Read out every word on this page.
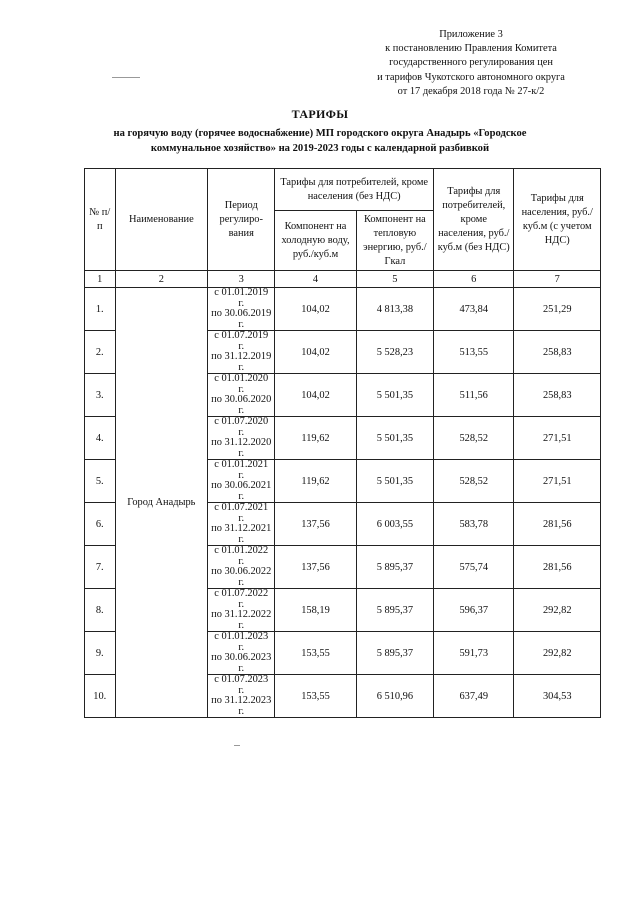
Приложение 3
к постановлению Правления Комитета
государственного регулирования цен
и тарифов Чукотского автономного округа
от 17 декабря 2018 года № 27-к/2
ТАРИФЫ
на горячую воду (горячее водоснабжение) МП городского округа Анадырь «Городское
коммунальное хозяйство» на 2019-2023 годы с календарной разбивкой
№ п/п	Наименование	Период регулиро-вания	Тарифы для потребителей, кроме населения (без НДС)		Тарифы для потребителей, кроме населения, руб./куб.м (без НДС)	Тарифы для населения, руб./куб.м (с учетом НДС)
			Компонент на холодную воду, руб./куб.м	Компонент на тепловую энергию, руб./Гкал		
1	2	3	4	5	6	7
1.	Город Анадырь	с 01.01.2019 г.
по 30.06.2019 г.	104,02	4 813,38	473,84	251,29
2.		с 01.07.2019 г.
по 31.12.2019 г.	104,02	5 528,23	513,55	258,83
3.		с 01.01.2020 г.
по 30.06.2020 г.	104,02	5 501,35	511,56	258,83
4.		с 01.07.2020 г.
по 31.12.2020 г.	119,62	5 501,35	528,52	271,51
5.		с 01.01.2021 г.
по 30.06.2021 г.	119,62	5 501,35	528,52	271,51
6.		с 01.07.2021 г.
по 31.12.2021 г.	137,56	6 003,55	583,78	281,56
7.		с 01.01.2022 г.
по 30.06.2022 г.	137,56	5 895,37	575,74	281,56
8.		с 01.07.2022 г.
по 31.12.2022 г.	158,19	5 895,37	596,37	292,82
9.		с 01.01.2023 г.
по 30.06.2023 г.	153,55	5 895,37	591,73	292,82
10.		с 01.07.2023 г.
по 31.12.2023 г.	153,55	6 510,96	637,49	304,53
